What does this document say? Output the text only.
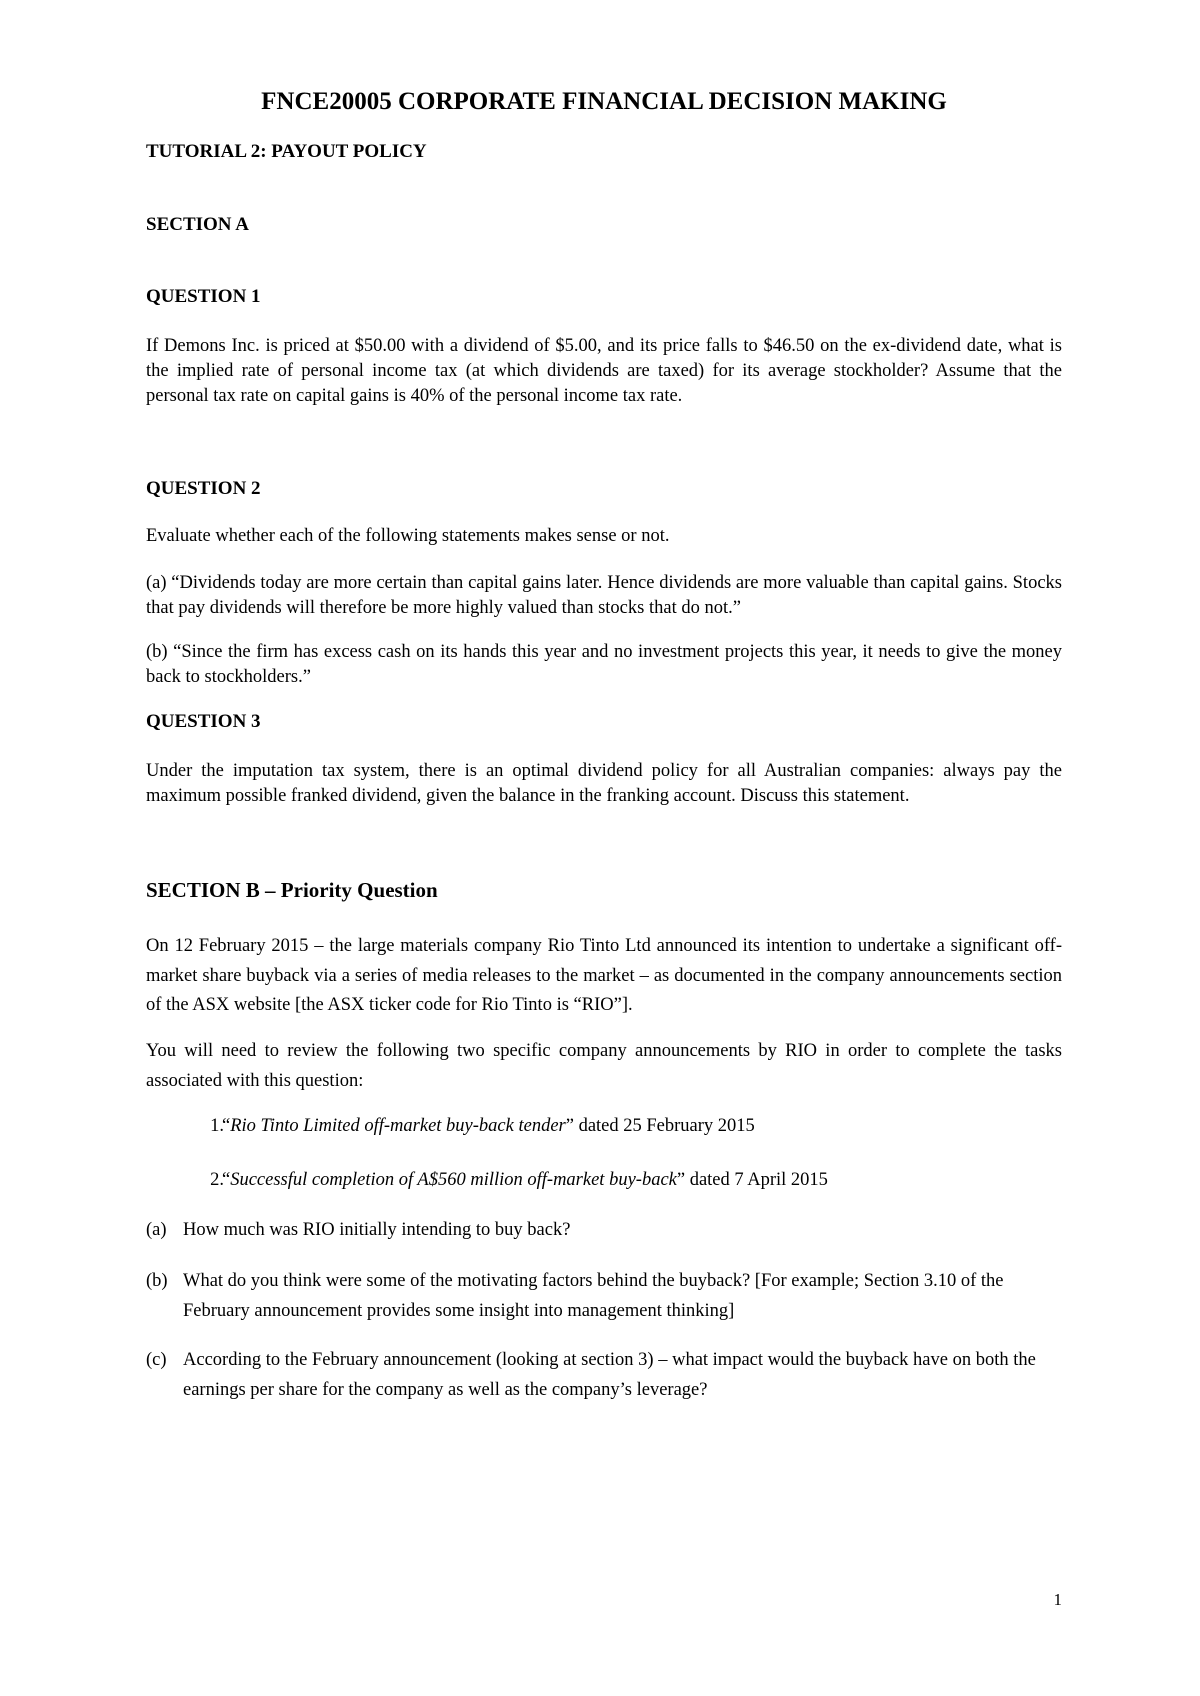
FNCE20005 CORPORATE FINANCIAL DECISION MAKING
TUTORIAL 2: PAYOUT POLICY
SECTION A
QUESTION 1

If Demons Inc. is priced at $50.00 with a dividend of $5.00, and its price falls to $46.50 on the ex-dividend date, what is the implied rate of personal income tax (at which dividends are taxed) for its average stockholder? Assume that the personal tax rate on capital gains is 40% of the personal income tax rate.

QUESTION 2

Evaluate whether each of the following statements makes sense or not.

(a) “Dividends today are more certain than capital gains later. Hence dividends are more valuable than capital gains. Stocks that pay dividends will therefore be more highly valued than stocks that do not.”

(b) “Since the firm has excess cash on its hands this year and no investment projects this year, it needs to give the money back to stockholders.”

QUESTION 3

Under the imputation tax system, there is an optimal dividend policy for all Australian companies: always pay the maximum possible franked dividend, given the balance in the franking account. Discuss this statement.

SECTION B – Priority Question

On 12 February 2015 – the large materials company Rio Tinto Ltd announced its intention to undertake a significant off-market share buyback via a series of media releases to the market – as documented in the company announcements section of the ASX website [the ASX ticker code for Rio Tinto is “RIO”].

You will need to review the following two specific company announcements by RIO in order to complete the tasks associated with this question:

1.
“Rio Tinto Limited off-market buy-back tender” dated 25 February 2015
2.
“Successful completion of A$560 million off-market buy-back” dated 7 April 2015
(a) How much was RIO initially intending to buy back?

(b) What do you think were some of the motivating factors behind the buyback? [For example; Section 3.10 of the February announcement provides some insight into management thinking]

(c) According to the February announcement (looking at section 3) – what impact would the buyback have on both the earnings per share for the company as well as the company’s leverage?

1
